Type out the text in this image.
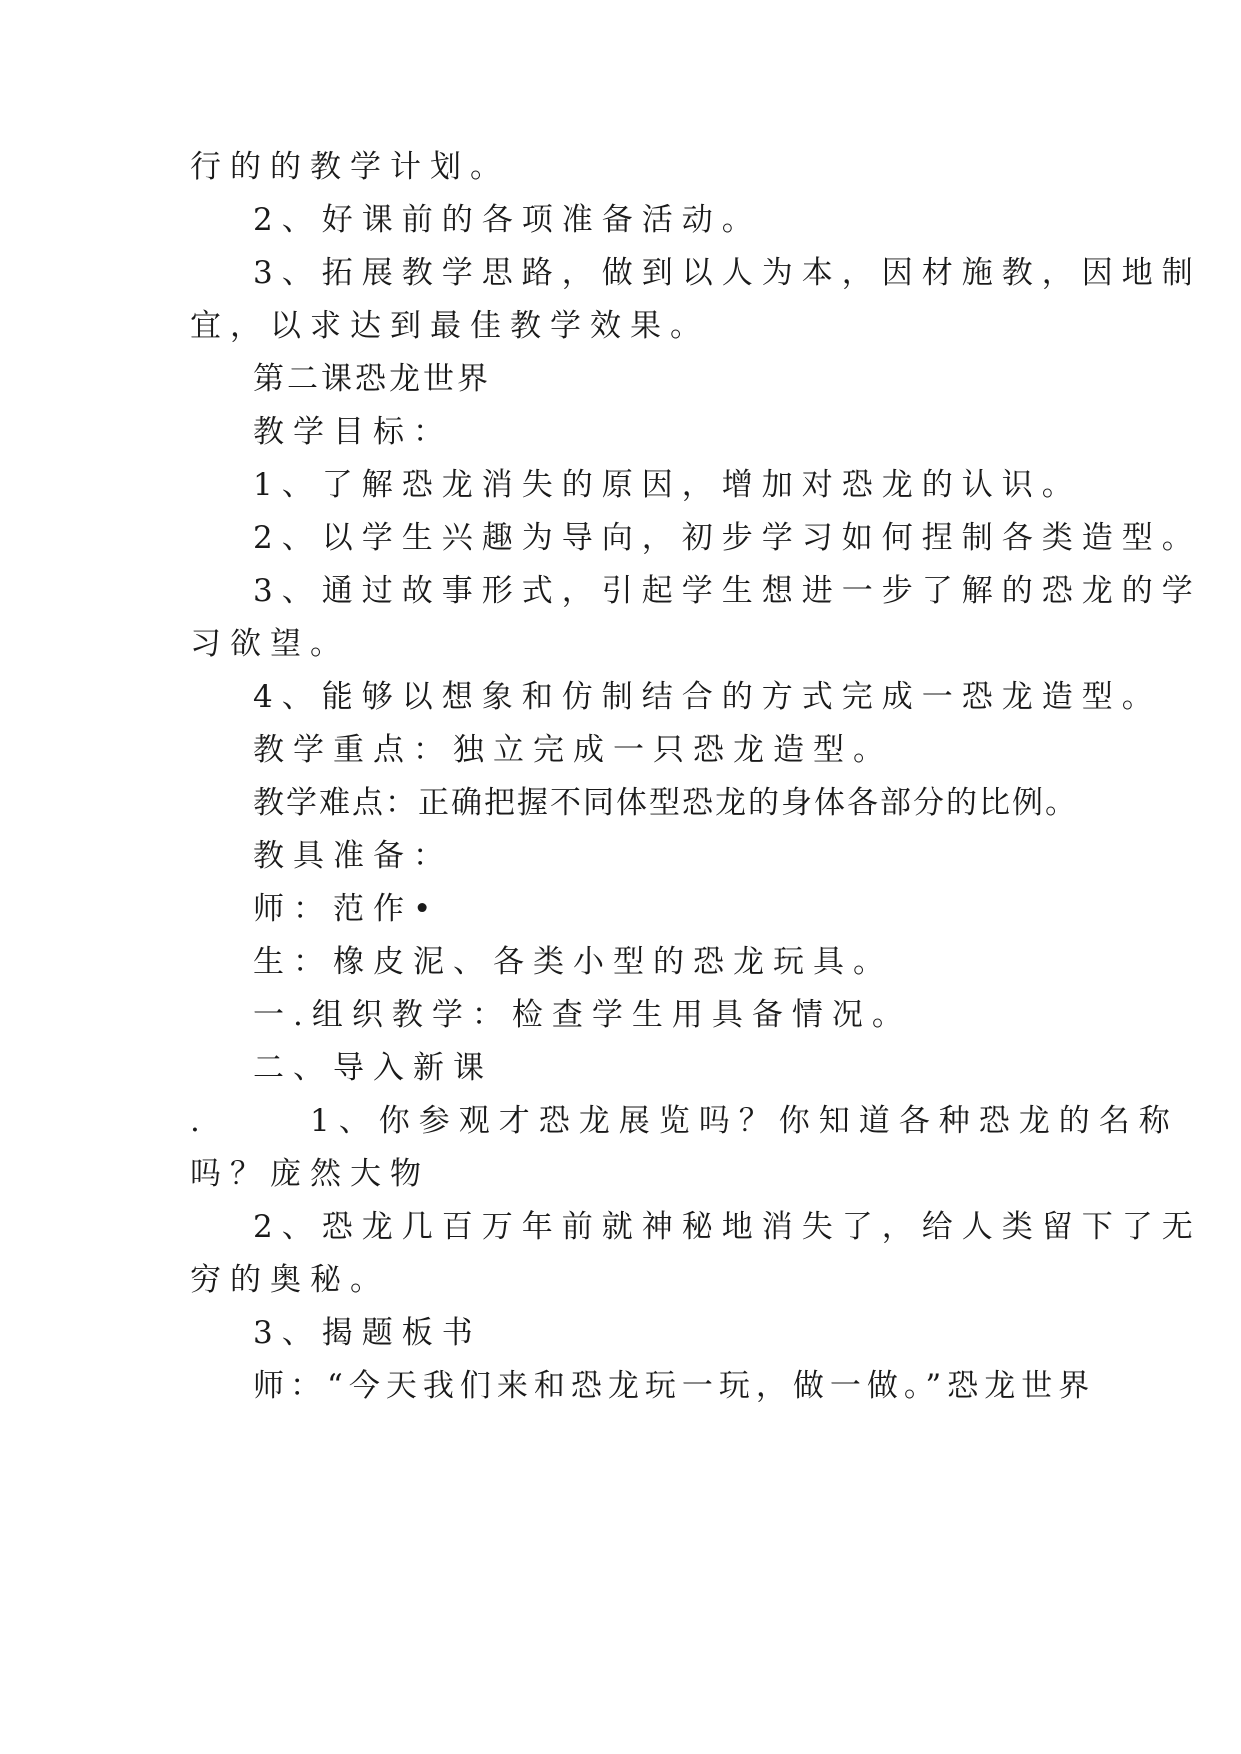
行的的教学计划。
2、好课前的各项准备活动。
3、拓展教学思路，做到以人为本，因材施教，因地制
宜，以求达到最佳教学效果。
第二课恐龙世界
教学目标：
1、了解恐龙消失的原因，增加对恐龙的认识。
2、以学生兴趣为导向，初步学习如何捏制各类造型。
3、通过故事形式，引起学生想进一步了解的恐龙的学
习欲望。
4、能够以想象和仿制结合的方式完成一恐龙造型。
教学重点：独立完成一只恐龙造型。
教学难点：正确把握不同体型恐龙的身体各部分的比例。
教具准备：
师：范作•
生：橡皮泥、各类小型的恐龙玩具。
一.组织教学：检查学生用具备情况。
二、导入新课
.	1、你参观才恐龙展览吗？你知道各种恐龙的名称
吗？庞然大物
2、恐龙几百万年前就神秘地消失了，给人类留下了无
穷的奥秘。
3、揭题板书
师：“今天我们来和恐龙玩一玩，做一做。”恐龙世界
